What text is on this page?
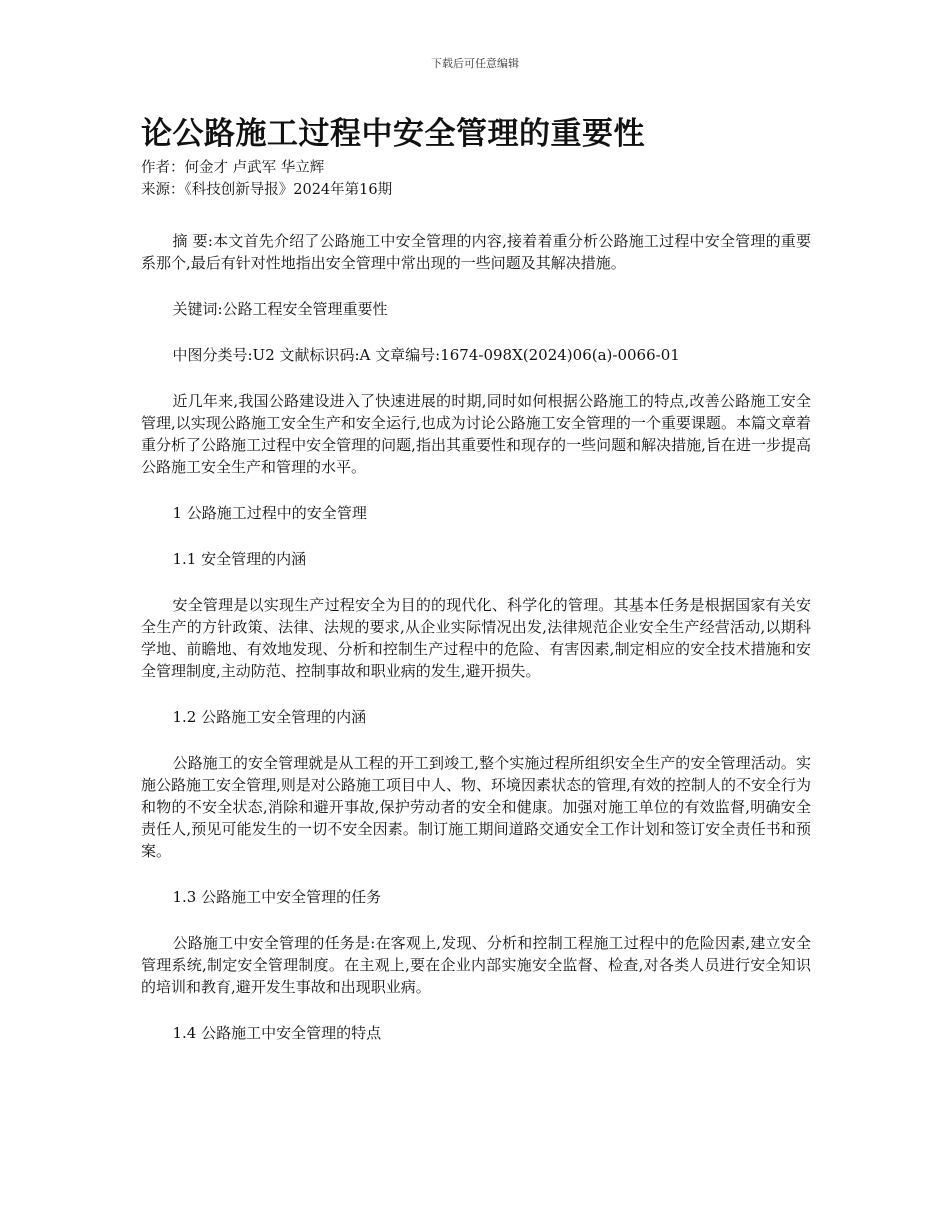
下载后可任意编辑
论公路施工过程中安全管理的重要性

作者：何金才 卢武军 华立辉

来源：《科技创新导报》2024年第16期

摘 要:本文首先介绍了公路施工中安全管理的内容,接着着重分析公路施工过程中安全管理的重要系那个,最后有针对性地指出安全管理中常出现的一些问题及其解决措施。

关键词:公路工程安全管理重要性

中图分类号:U2 文献标识码:A 文章编号:1674-098X(2024)06(a)-0066-01

近几年来,我国公路建设进入了快速进展的时期,同时如何根据公路施工的特点,改善公路施工安全管理,以实现公路施工安全生产和安全运行,也成为讨论公路施工安全管理的一个重要课题。本篇文章着重分析了公路施工过程中安全管理的问题,指出其重要性和现存的一些问题和解决措施,旨在进一步提高公路施工安全生产和管理的水平。

1 公路施工过程中的安全管理

1.1 安全管理的内涵

安全管理是以实现生产过程安全为目的的现代化、科学化的管理。其基本任务是根据国家有关安全生产的方针政策、法律、法规的要求,从企业实际情况出发,法律规范企业安全生产经营活动,以期科学地、前瞻地、有效地发现、分析和控制生产过程中的危险、有害因素,制定相应的安全技术措施和安全管理制度,主动防范、控制事故和职业病的发生,避开损失。

1.2 公路施工安全管理的内涵

公路施工的安全管理就是从工程的开工到竣工,整个实施过程所组织安全生产的安全管理活动。实施公路施工安全管理,则是对公路施工项目中人、物、环境因素状态的管理,有效的控制人的不安全行为和物的不安全状态,消除和避开事故,保护劳动者的安全和健康。加强对施工单位的有效监督,明确安全责任人,预见可能发生的一切不安全因素。制订施工期间道路交通安全工作计划和签订安全责任书和预案。

1.3 公路施工中安全管理的任务

公路施工中安全管理的任务是:在客观上,发现、分析和控制工程施工过程中的危险因素,建立安全管理系统,制定安全管理制度。在主观上,要在企业内部实施安全监督、检查,对各类人员进行安全知识的培训和教育,避开发生事故和出现职业病。

1.4 公路施工中安全管理的特点
